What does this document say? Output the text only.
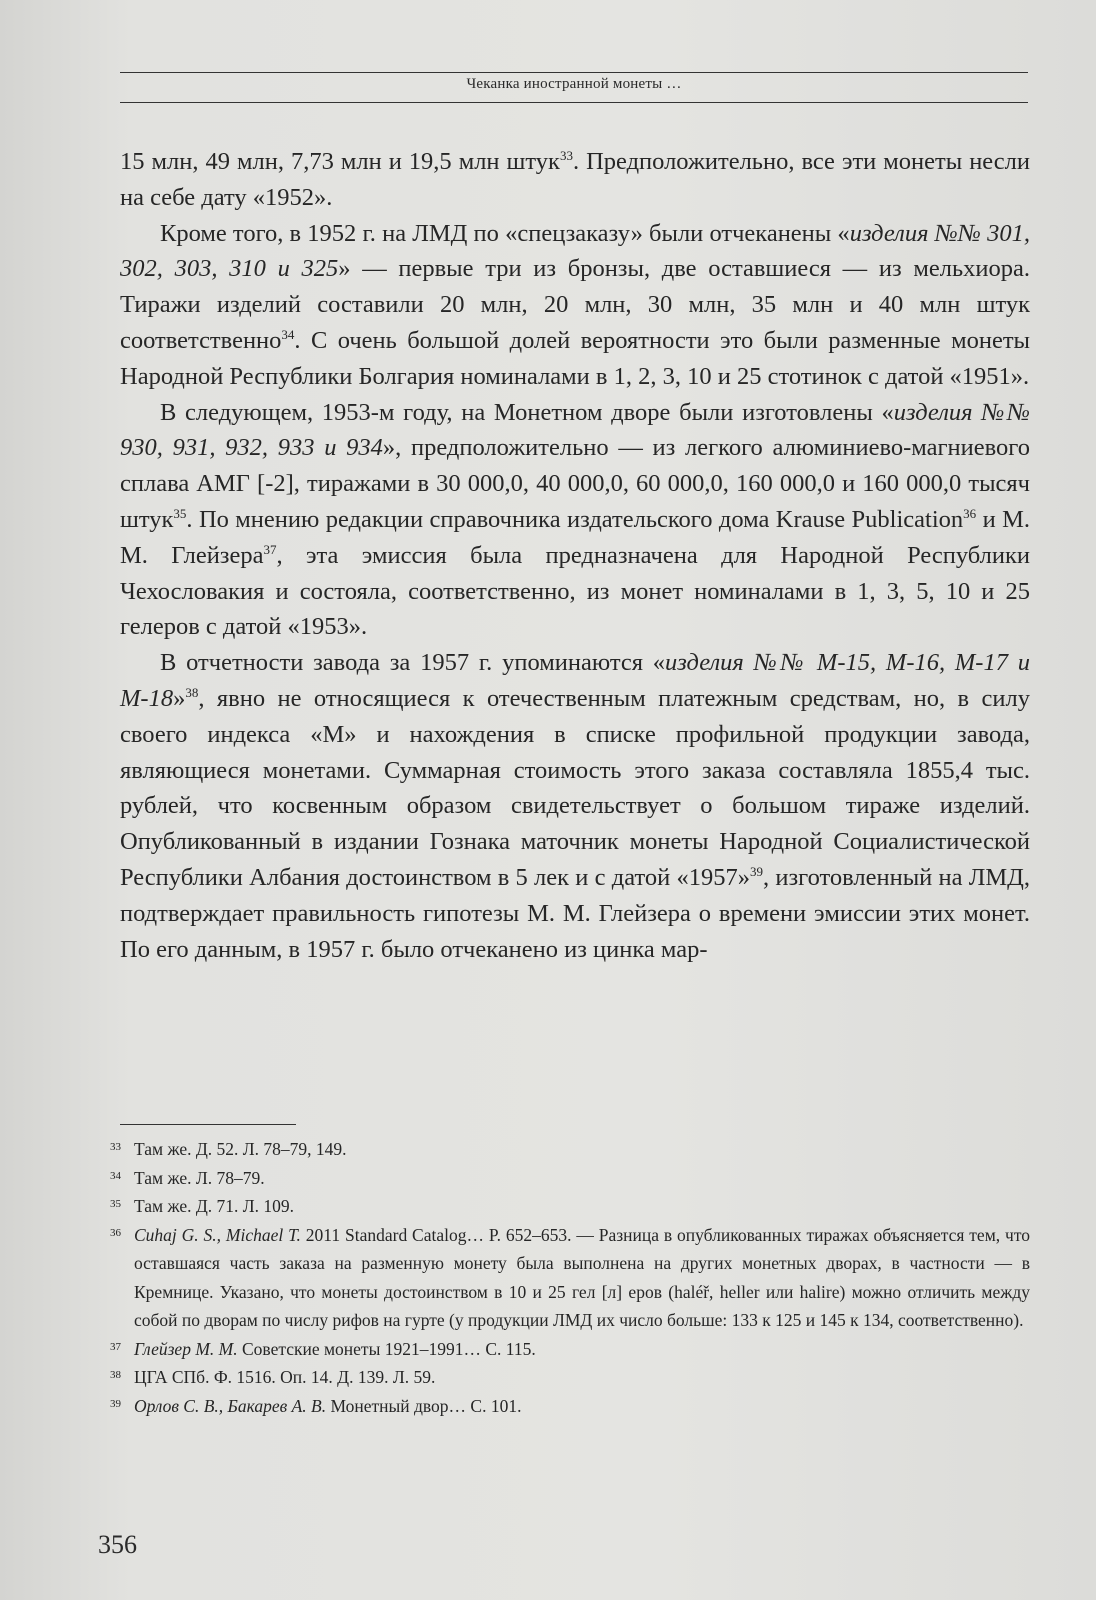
Чеканка иностранной монеты …

15 млн, 49 млн, 7,73 млн и 19,5 млн штук$^{33}$. Предположительно, все эти монеты несли на себе дату «1952».

Кроме того, в 1952 г. на ЛМД по «спецзаказу» были отчеканены «изделия №№ 301, 302, 303, 310 и 325» — первые три из бронзы, две оставшиеся — из мельхиора. Тиражи изделий составили 20 млн, 20 млн, 30 млн, 35 млн и 40 млн штук соответственно$^{34}$. С очень большой долей вероятности это были разменные монеты Народной Республики Болгария номиналами в 1, 2, 3, 10 и 25 стотинок с датой «1951».

В следующем, 1953-м году, на Монетном дворе были изготовлены «изделия №№ 930, 931, 932, 933 и 934», предположительно — из легкого алюминиево-магниевого сплава АМГ [-2], тиражами в 30 000,0, 40 000,0, 60 000,0, 160 000,0 и 160 000,0 тысяч штук$^{35}$. По мнению редакции справочника издательского дома Krause Publication$^{36}$ и М. М. Глейзера$^{37}$, эта эмиссия была предназначена для Народной Республики Чехословакия и состояла, соответственно, из монет номиналами в 1, 3, 5, 10 и 25 гелеров с датой «1953».

В отчетности завода за 1957 г. упоминаются «изделия №№ М-15, М-16, М-17 и М-18»$^{38}$, явно не относящиеся к отечественным платежным средствам, но, в силу своего индекса «М» и нахождения в списке профильной продукции завода, являющиеся монетами. Суммарная стоимость этого заказа составляла 1855,4 тыс. рублей, что косвенным образом свидетельствует о большом тираже изделий. Опубликованный в издании Гознака маточник монеты Народной Социалистической Республики Албания достоинством в 5 лек и с датой «1957»$^{39}$, изготовленный на ЛМД, подтверждает правильность гипотезы М. М. Глейзера о времени эмиссии этих монет. По его данным, в 1957 г. было отчеканено из цинка мар-

33 Там же. Д. 52. Л. 78–79, 149.
34 Там же. Л. 78–79.
35 Там же. Д. 71. Л. 109.
36 Cuhaj G. S., Michael T. 2011 Standard Catalog… P. 652–653. — Разница в опубликованных тиражах объясняется тем, что оставшаяся часть заказа на разменную монету была выполнена на других монетных дворах, в частности — в Кремнице. Указано, что монеты достоинством в 10 и 25 гел [л] еров (haléř, heller или halire) можно отличить между собой по дворам по числу рифов на гурте (у продукции ЛМД их число больше: 133 к 125 и 145 к 134, соответственно).
37 Глейзер М. М. Советские монеты 1921–1991… С. 115.
38 ЦГА СПб. Ф. 1516. Оп. 14. Д. 139. Л. 59.
39 Орлов С. В., Бакарев А. В. Монетный двор… С. 101.
356
